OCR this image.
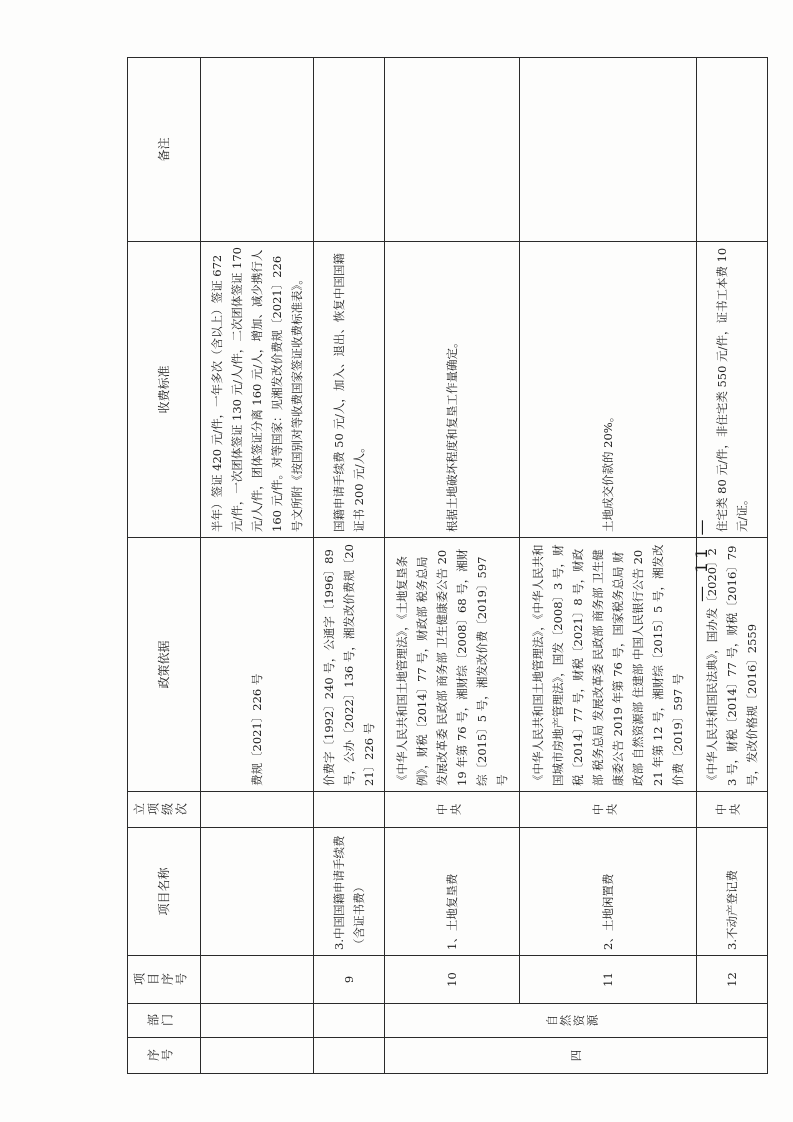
序号	部门	项目序号	项目名称	立项级次	政策依据	收费标准	备注
					费规〔2021〕226 号	半年）签证 420 元/件，一年多次（含以上）签证 672 元/件，一次团体签证 130 元/人/件，二次团体签证 170 元/人/件，团体签证分离 160 元/人，增加、减少携行人 160 元/件。对等国家：见湘发改价费规〔2021〕226 号文所附《按国别对等收费国家签证收费标准表》。	
		9	3.中国国籍申请手续费（含证书费）		价费字〔1992〕240 号，公通字〔1996〕89 号，公办〔2022〕136 号，湘发改价费规〔2021〕226 号	国籍申请手续费 50 元/人，加入、退出、恢复中国国籍证书 200 元/人。	
四	自然资源	10	1、土地复垦费	中央	《中华人民共和国土地管理法》，《土地复垦条例》，财税〔2014〕77 号，财政部 税务总局 发展改革委 民政部 商务部 卫生健康委公告 2019 年第 76 号，湘财综〔2008〕68 号，湘财综〔2015〕5 号，湘发改价费〔2019〕597 号	根据土地破坏程度和复垦工作量确定。	
		11	2、土地闲置费	中央	《中华人民共和国土地管理法》，《中华人民共和国城市房地产管理法》，国发〔2008〕3 号，财税〔2014〕77 号，财税〔2021〕8 号，财政部 税务总局 发展改革委 民政部 商务部 卫生健康委公告 2019 年第 76 号，国家税务总局 财政部 自然资源部 住建部 中国人民银行公告 2021 年第 12 号，湘财综〔2015〕5 号，湘发改价费〔2019〕597 号	土地成交价款的 20%。	
		12	3.不动产登记费	中央	《中华人民共和国民法典》，国办发〔2020〕23 号，财税〔2014〕77 号，财税〔2016〕79 号，发改价格规〔2016〕2559	住宅类 80 元/件，非住宅类 550 元/件，证书工本费 10 元/证。	
— 11 —
